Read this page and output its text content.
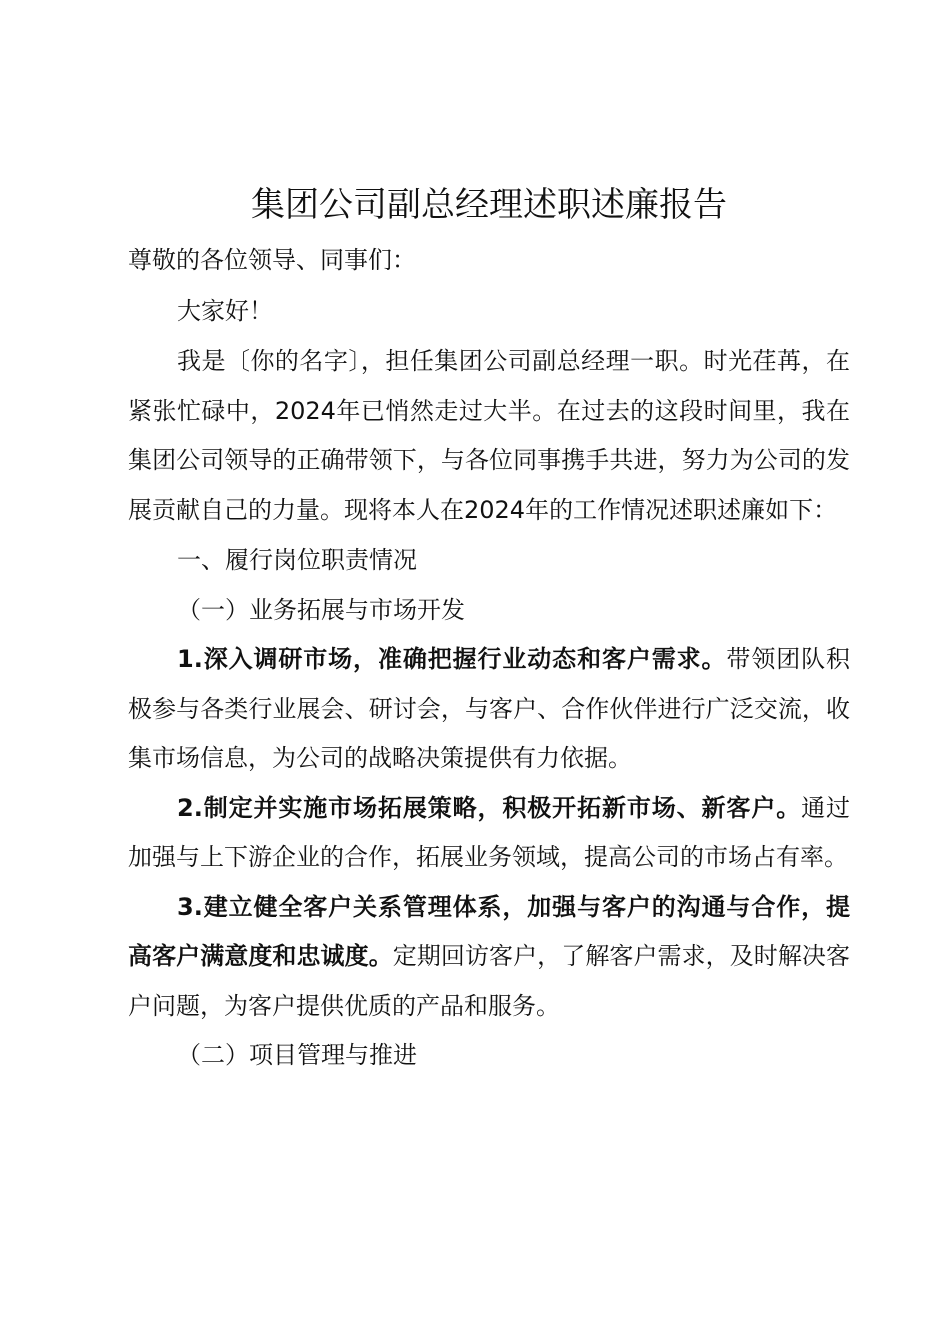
集团公司副总经理述职述廉报告

尊敬的各位领导、同事们：

大家好！

我是〔你的名字〕，担任集团公司副总经理一职。时光荏苒，在紧张忙碌中，2024年已悄然走过大半。在过去的这段时间里，我在集团公司领导的正确带领下，与各位同事携手共进，努力为公司的发展贡献自己的力量。现将本人在2024年的工作情况述职述廉如下：

一、履行岗位职责情况

（一）业务拓展与市场开发

1.深入调研市场，准确把握行业动态和客户需求。带领团队积极参与各类行业展会、研讨会，与客户、合作伙伴进行广泛交流，收集市场信息，为公司的战略决策提供有力依据。

2.制定并实施市场拓展策略，积极开拓新市场、新客户。通过加强与上下游企业的合作，拓展业务领域，提高公司的市场占有率。

3.建立健全客户关系管理体系，加强与客户的沟通与合作，提高客户满意度和忠诚度。定期回访客户，了解客户需求，及时解决客户问题，为客户提供优质的产品和服务。

（二）项目管理与推进
